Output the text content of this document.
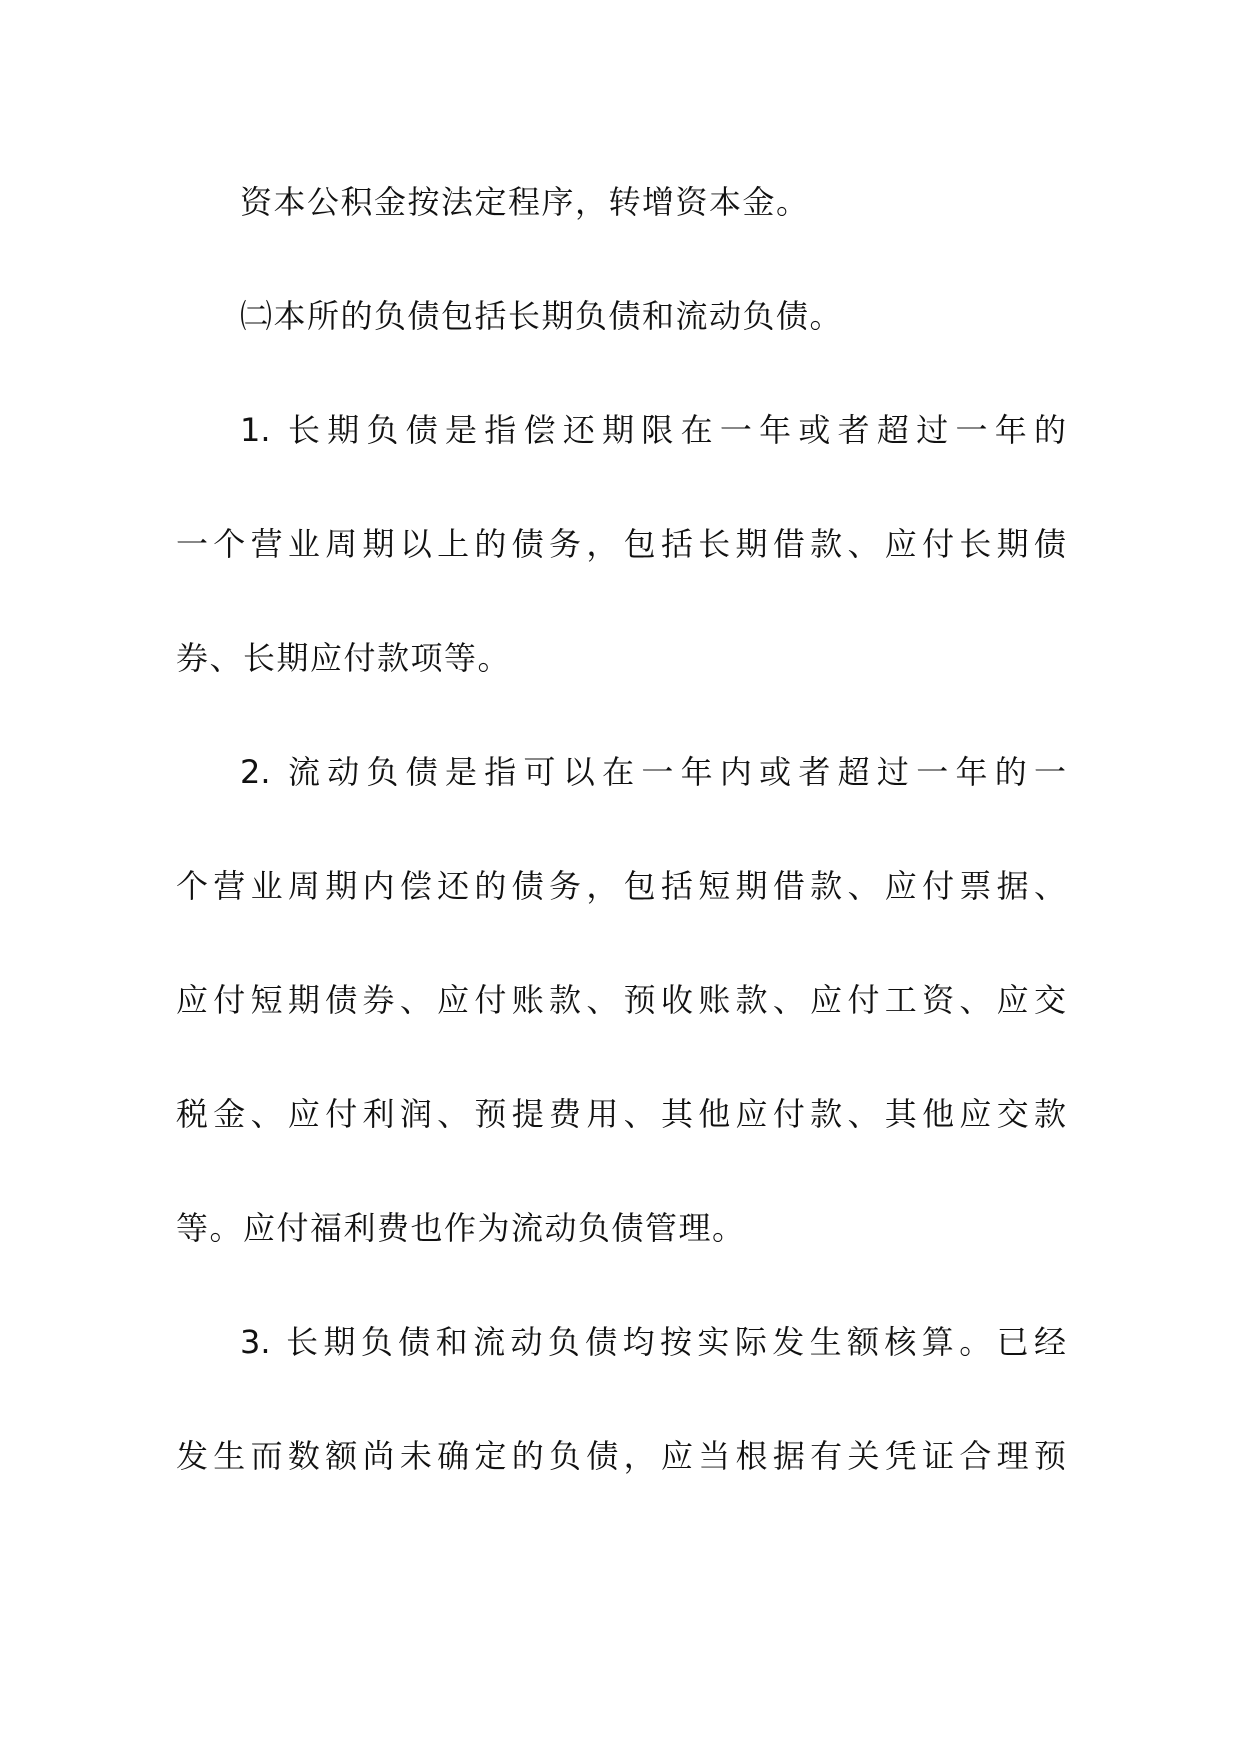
资本公积金按法定程序，转增资本金。

㈡本所的负债包括长期负债和流动负债。

1. 长期负债是指偿还期限在一年或者超过一年的

一个营业周期以上的债务，包括长期借款、应付长期债

券、长期应付款项等。

2. 流动负债是指可以在一年内或者超过一年的一

个营业周期内偿还的债务，包括短期借款、应付票据、

应付短期债券、应付账款、预收账款、应付工资、应交

税金、应付利润、预提费用、其他应付款、其他应交款

等。应付福利费也作为流动负债管理。

3. 长期负债和流动负债均按实际发生额核算。已经

发生而数额尚未确定的负债，应当根据有关凭证合理预
